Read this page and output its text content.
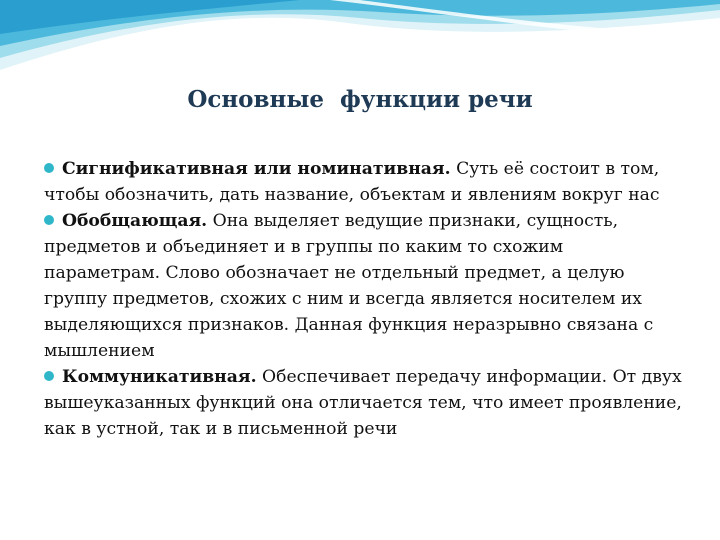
Основные  функции речи

Сигнификативная или номинативная. Суть её состоит в том, чтобы обозначить, дать название, объектам и явлениям вокруг нас

Обобщающая. Она выделяет ведущие признаки, сущность, предметов и объединяет и в группы по каким то схожим параметрам. Слово обозначает не отдельный предмет, а целую группу предметов, схожих с ним и всегда является носителем их выделяющихся признаков. Данная функция неразрывно связана с мышлением

Коммуникативная. Обеспечивает передачу информации. От двух вышеуказанных функций она отличается тем, что имеет проявление, как в устной, так и в письменной речи
